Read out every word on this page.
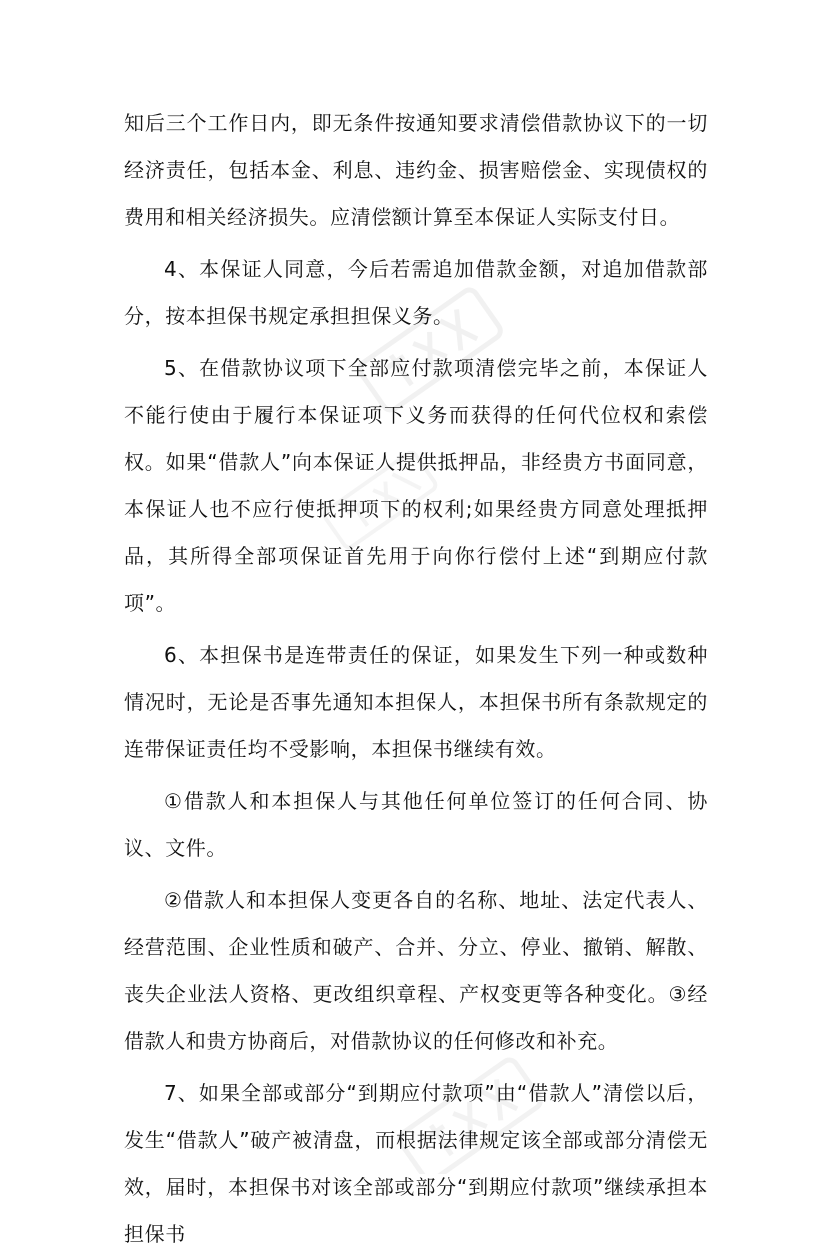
知后三个工作日内，即无条件按通知要求清偿借款协议下的一切经济责任，包括本金、利息、违约金、损害赔偿金、实现债权的费用和相关经济损失。应清偿额计算至本保证人实际支付日。

4、本保证人同意，今后若需追加借款金额，对追加借款部分，按本担保书规定承担担保义务。

5、在借款协议项下全部应付款项清偿完毕之前，本保证人不能行使由于履行本保证项下义务而获得的任何代位权和索偿权。如果“借款人”向本保证人提供抵押品，非经贵方书面同意，本保证人也不应行使抵押项下的权利;如果经贵方同意处理抵押品，其所得全部项保证首先用于向你行偿付上述“到期应付款项”。

6、本担保书是连带责任的保证，如果发生下列一种或数种情况时，无论是否事先通知本担保人，本担保书所有条款规定的连带保证责任均不受影响，本担保书继续有效。

①借款人和本担保人与其他任何单位签订的任何合同、协议、文件。

②借款人和本担保人变更各自的名称、地址、法定代表人、经营范围、企业性质和破产、合并、分立、停业、撤销、解散、丧失企业法人资格、更改组织章程、产权变更等各种变化。③经借款人和贵方协商后，对借款协议的任何修改和补充。

7、如果全部或部分“到期应付款项”由“借款人”清偿以后，发生“借款人”破产被清盘，而根据法律规定该全部或部分清偿无效，届时，本担保书对该全部或部分“到期应付款项”继续承担本担保书
